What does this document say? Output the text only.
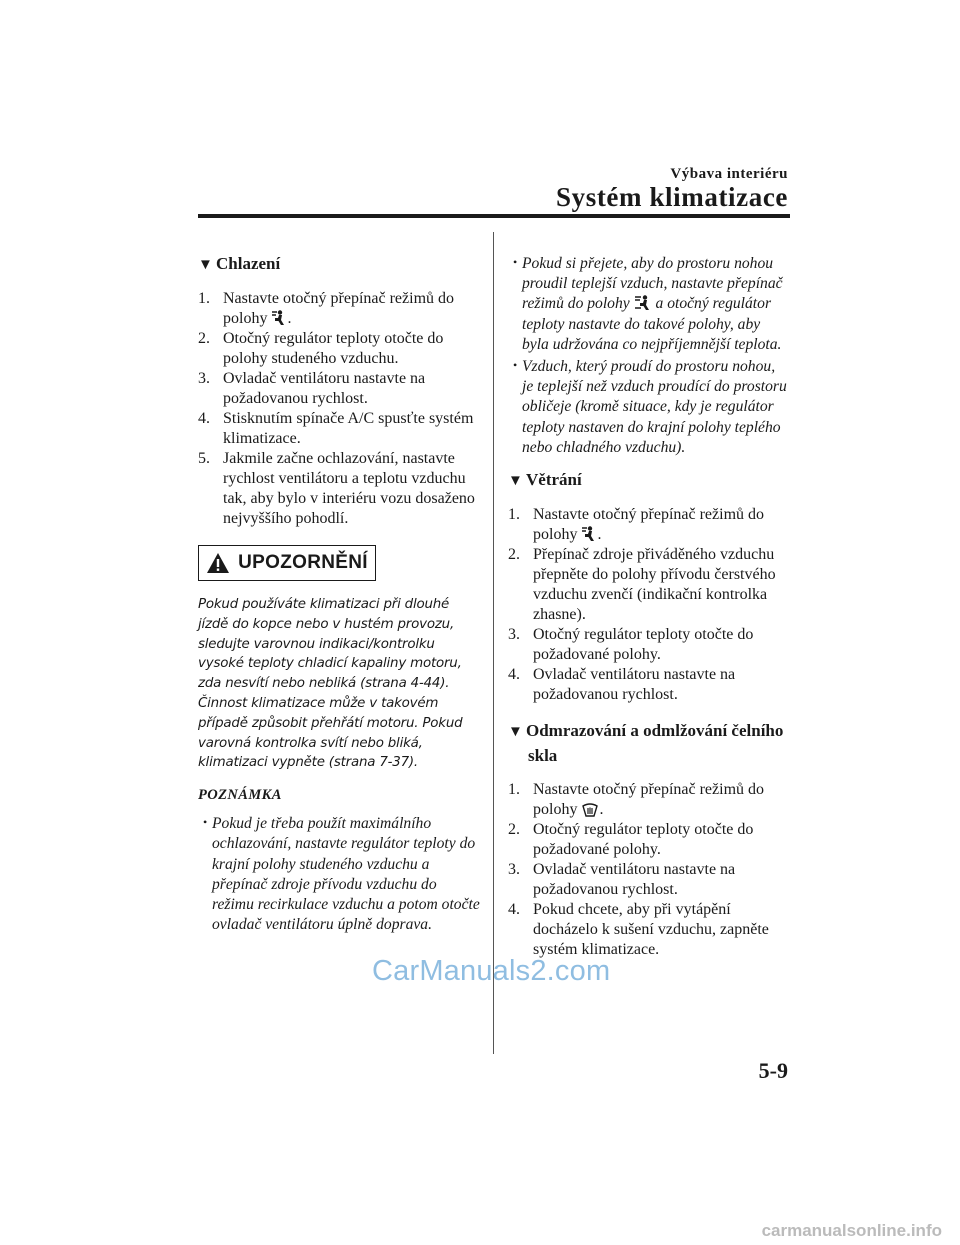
Výbava interiéru
Systém klimatizace
▼ Chlazení
1. Nastavte otočný přepínač režimů do polohy .
2. Otočný regulátor teploty otočte do polohy studeného vzduchu.
3. Ovladač ventilátoru nastavte na požadovanou rychlost.
4. Stisknutím spínače A/C spusťte systém klimatizace.
5. Jakmile začne ochlazování, nastavte rychlost ventilátoru a teplotu vzduchu tak, aby bylo v interiéru vozu dosaženo nejvyššího pohodlí.
UPOZORNĚNÍ
Pokud používáte klimatizaci při dlouhé jízdě do kopce nebo v hustém provozu, sledujte varovnou indikaci/kontrolku vysoké teploty chladicí kapaliny motoru, zda nesvítí nebo nebliká (strana 4-44). Činnost klimatizace může v takovém případě způsobit přehřátí motoru. Pokud varovná kontrolka svítí nebo bliká, klimatizaci vypněte (strana 7-37).
POZNÁMKA
• Pokud je třeba použít maximálního ochlazování, nastavte regulátor teploty do krajní polohy studeného vzduchu a přepínač zdroje přívodu vzduchu do režimu recirkulace vzduchu a potom otočte ovladač ventilátoru úplně doprava.
• Pokud si přejete, aby do prostoru nohou proudil teplejší vzduch, nastavte přepínač režimů do polohy a otočný regulátor teploty nastavte do takové polohy, aby byla udržována co nejpříjemnější teplota.
• Vzduch, který proudí do prostoru nohou, je teplejší než vzduch proudící do prostoru obličeje (kromě situace, kdy je regulátor teploty nastaven do krajní polohy teplého nebo chladného vzduchu).
▼ Větrání
1. Nastavte otočný přepínač režimů do polohy .
2. Přepínač zdroje přiváděného vzduchu přepněte do polohy přívodu čerstvého vzduchu zvenčí (indikační kontrolka zhasne).
3. Otočný regulátor teploty otočte do požadované polohy.
4. Ovladač ventilátoru nastavte na požadovanou rychlost.
▼ Odmrazování a odmlžování čelního skla
1. Nastavte otočný přepínač režimů do polohy .
2. Otočný regulátor teploty otočte do požadované polohy.
3. Ovladač ventilátoru nastavte na požadovanou rychlost.
4. Pokud chcete, aby při vytápění docházelo k sušení vzduchu, zapněte systém klimatizace.
CarManuals2.com
5-9
carmanualsonline.info
